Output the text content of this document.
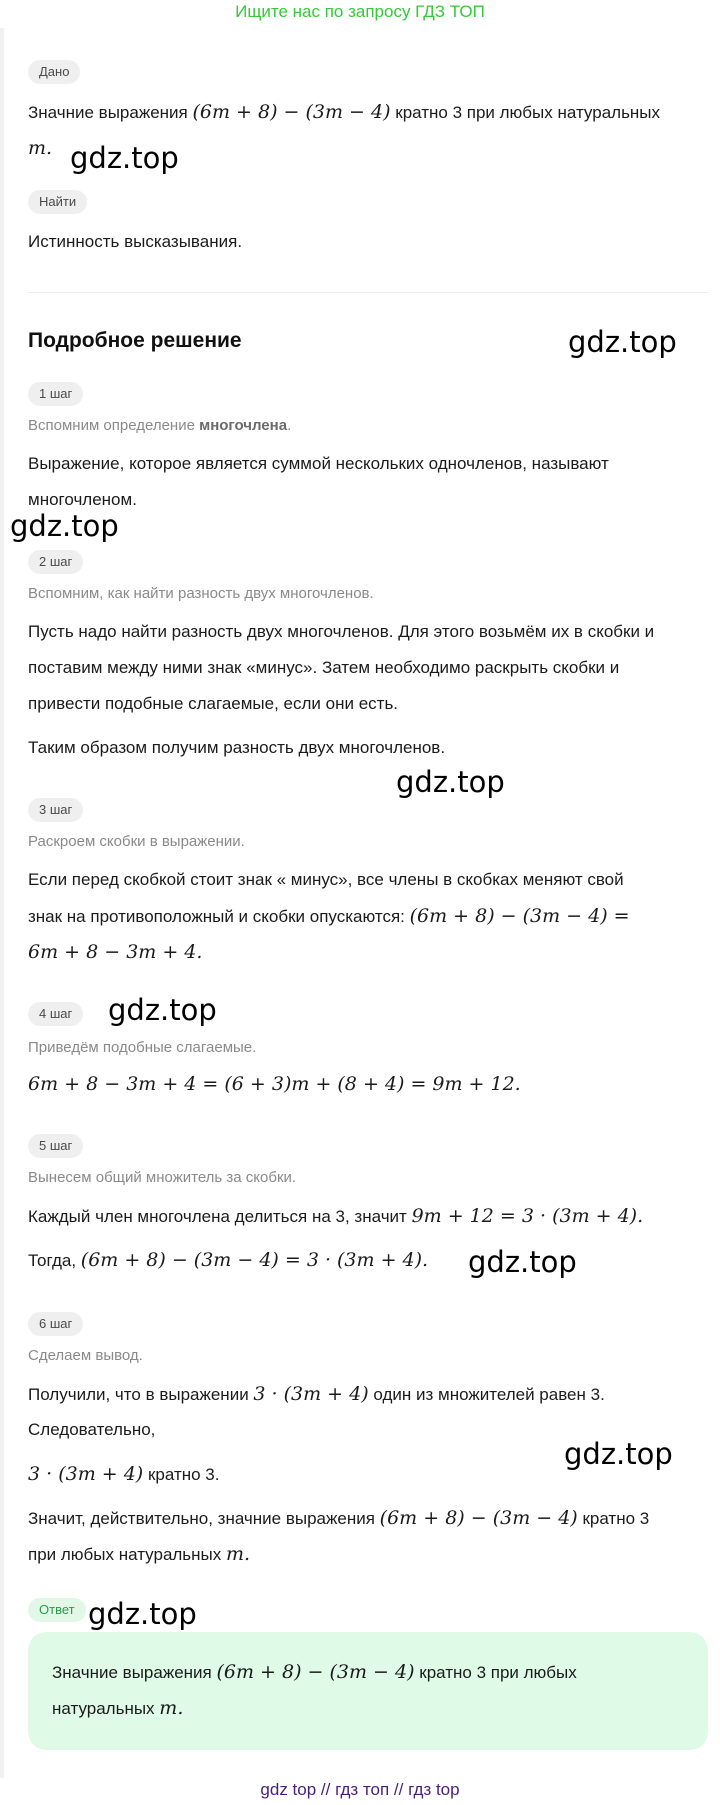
Ищите нас по запросу ГДЗ ТОП
Дано
Значние выражения (6m + 8) − (3m − 4) кратно 3 при любых натуральных
m.
Найти
Истинность высказывания.
Подробное решение
1 шаг
Вспомним определение многочлена.
Выражение, которое является суммой нескольких одночленов, называют
многочленом.
2 шаг
Вспомним, как найти разность двух многочленов.
Пусть надо найти разность двух многочленов. Для этого возьмём их в скобки и
поставим между ними знак «минус». Затем необходимо раскрыть скобки и
привести подобные слагаемые, если они есть.
Таким образом получим разность двух многочленов.
3 шаг
Раскроем скобки в выражении.
Если перед скобкой стоит знак « минус», все члены в скобках меняют свой
знак на противоположный и скобки опускаются: (6m + 8) − (3m − 4) =
6m + 8 − 3m + 4.
4 шаг
Приведём подобные слагаемые.
6m + 8 − 3m + 4 = (6 + 3)m + (8 + 4) = 9m + 12.
5 шаг
Вынесем общий множитель за скобки.
Каждый член многочлена делиться на 3, значит 9m + 12 = 3 · (3m + 4).
Тогда, (6m + 8) − (3m − 4) = 3 · (3m + 4).
6 шаг
Сделаем вывод.
Получили, что в выражении 3 · (3m + 4) один из множителей равен 3.
Следовательно,
3 · (3m + 4) кратно 3.
Значит, действительно, значние выражения (6m + 8) − (3m − 4) кратно 3
при любых натуральных m.
Ответ
Значние выражения (6m + 8) − (3m − 4) кратно 3 при любых
натуральных m.
gdz.top
gdz.top
gdz.top
gdz.top
gdz.top
gdz.top
gdz.top
gdz.top
gdz top // гдз топ // гдз top
